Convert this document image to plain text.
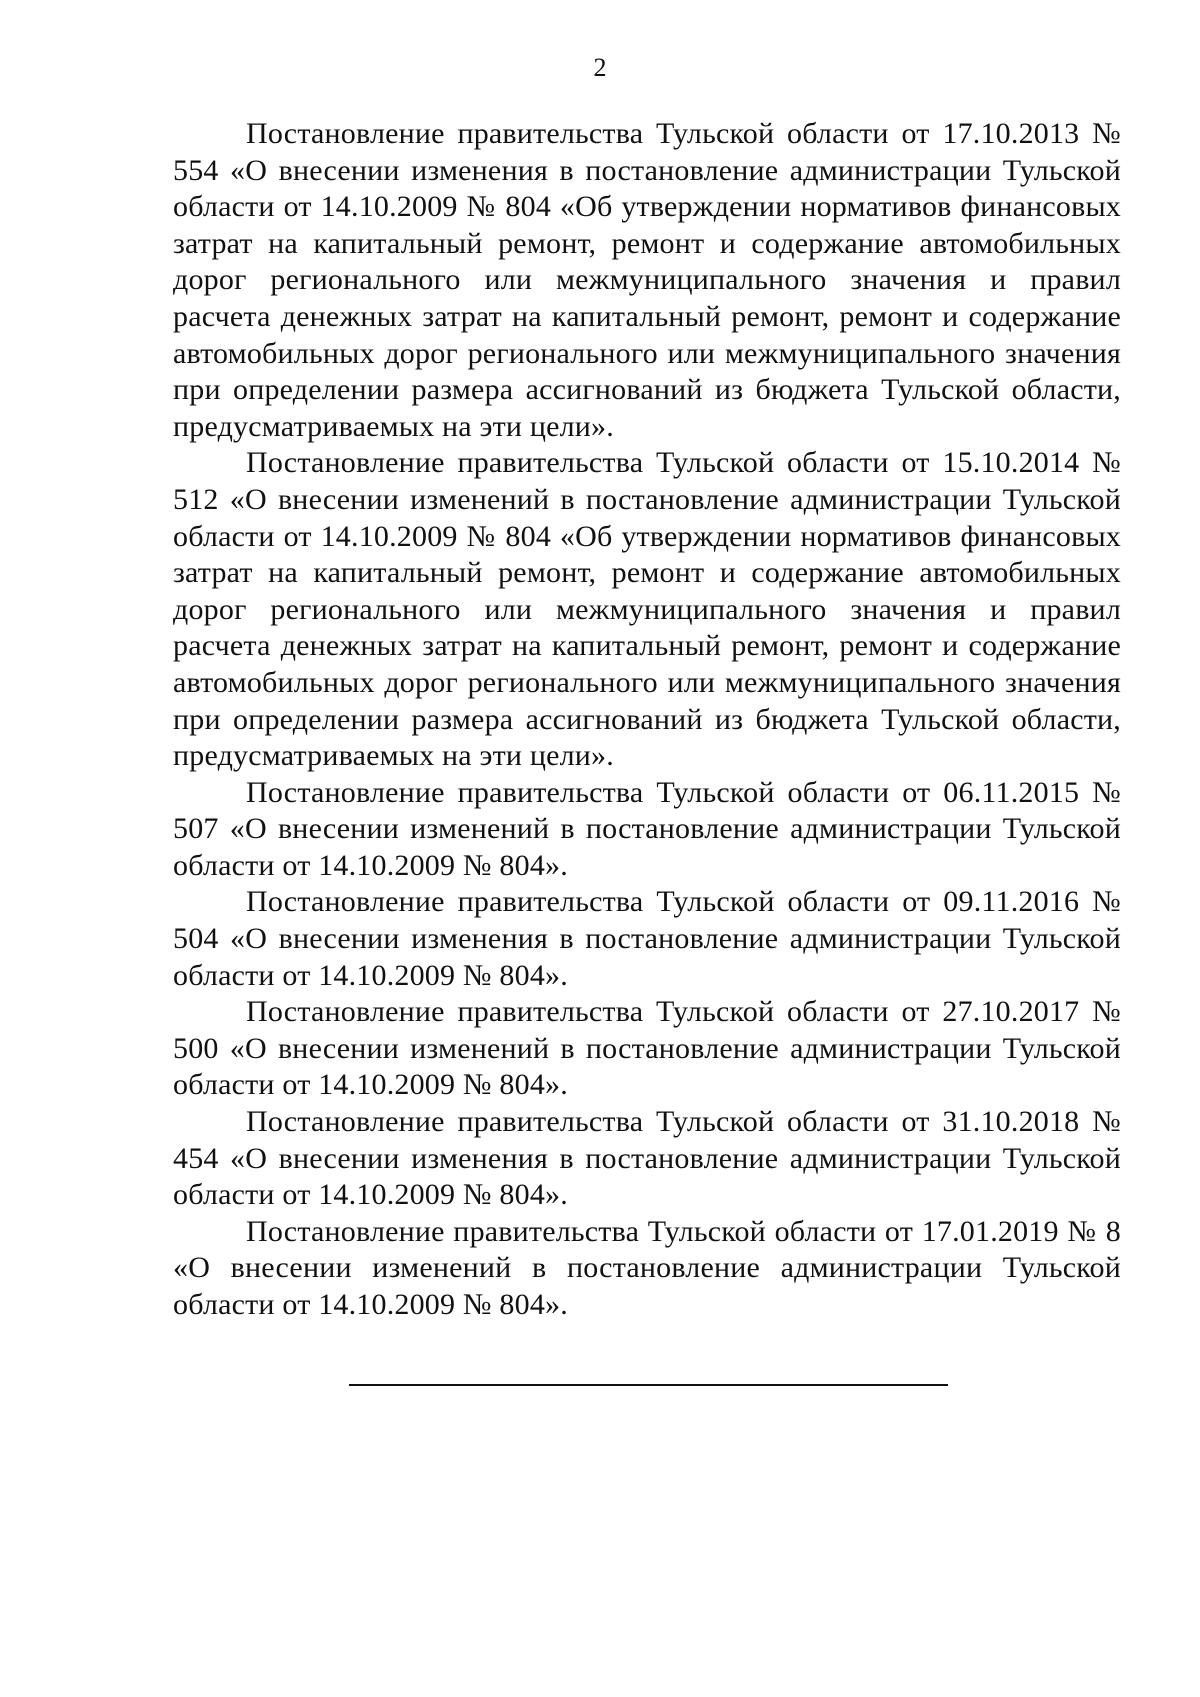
2

Постановление правительства Тульской области от 17.10.2013 № 554 «О внесении изменения в постановление администрации Тульской области от 14.10.2009 № 804 «Об утверждении нормативов финансовых затрат на капитальный ремонт, ремонт и содержание автомобильных дорог регионального или межмуниципального значения и правил расчета денежных затрат на капитальный ремонт, ремонт и содержание автомобильных дорог регионального или межмуниципального значения при определении размера ассигнований из бюджета Тульской области, предусматриваемых на эти цели».

Постановление правительства Тульской области от 15.10.2014 № 512 «О внесении изменений в постановление администрации Тульской области от 14.10.2009 № 804 «Об утверждении нормативов финансовых затрат на капитальный ремонт, ремонт и содержание автомобильных дорог регионального или межмуниципального значения и правил расчета денежных затрат на капитальный ремонт, ремонт и содержание автомобильных дорог регионального или межмуниципального значения при определении размера ассигнований из бюджета Тульской области, предусматриваемых на эти цели».

Постановление правительства Тульской области от 06.11.2015 № 507 «О внесении изменений в постановление администрации Тульской области от 14.10.2009 № 804».

Постановление правительства Тульской области от 09.11.2016 № 504 «О внесении изменения в постановление администрации Тульской области от 14.10.2009 № 804».

Постановление правительства Тульской области от 27.10.2017 № 500 «О внесении изменений в постановление администрации Тульской области от 14.10.2009 № 804».

Постановление правительства Тульской области от 31.10.2018 № 454 «О внесении изменения в постановление администрации Тульской области от 14.10.2009 № 804».

Постановление правительства Тульской области от 17.01.2019 № 8 «О внесении изменений в постановление администрации Тульской области от 14.10.2009 № 804».
